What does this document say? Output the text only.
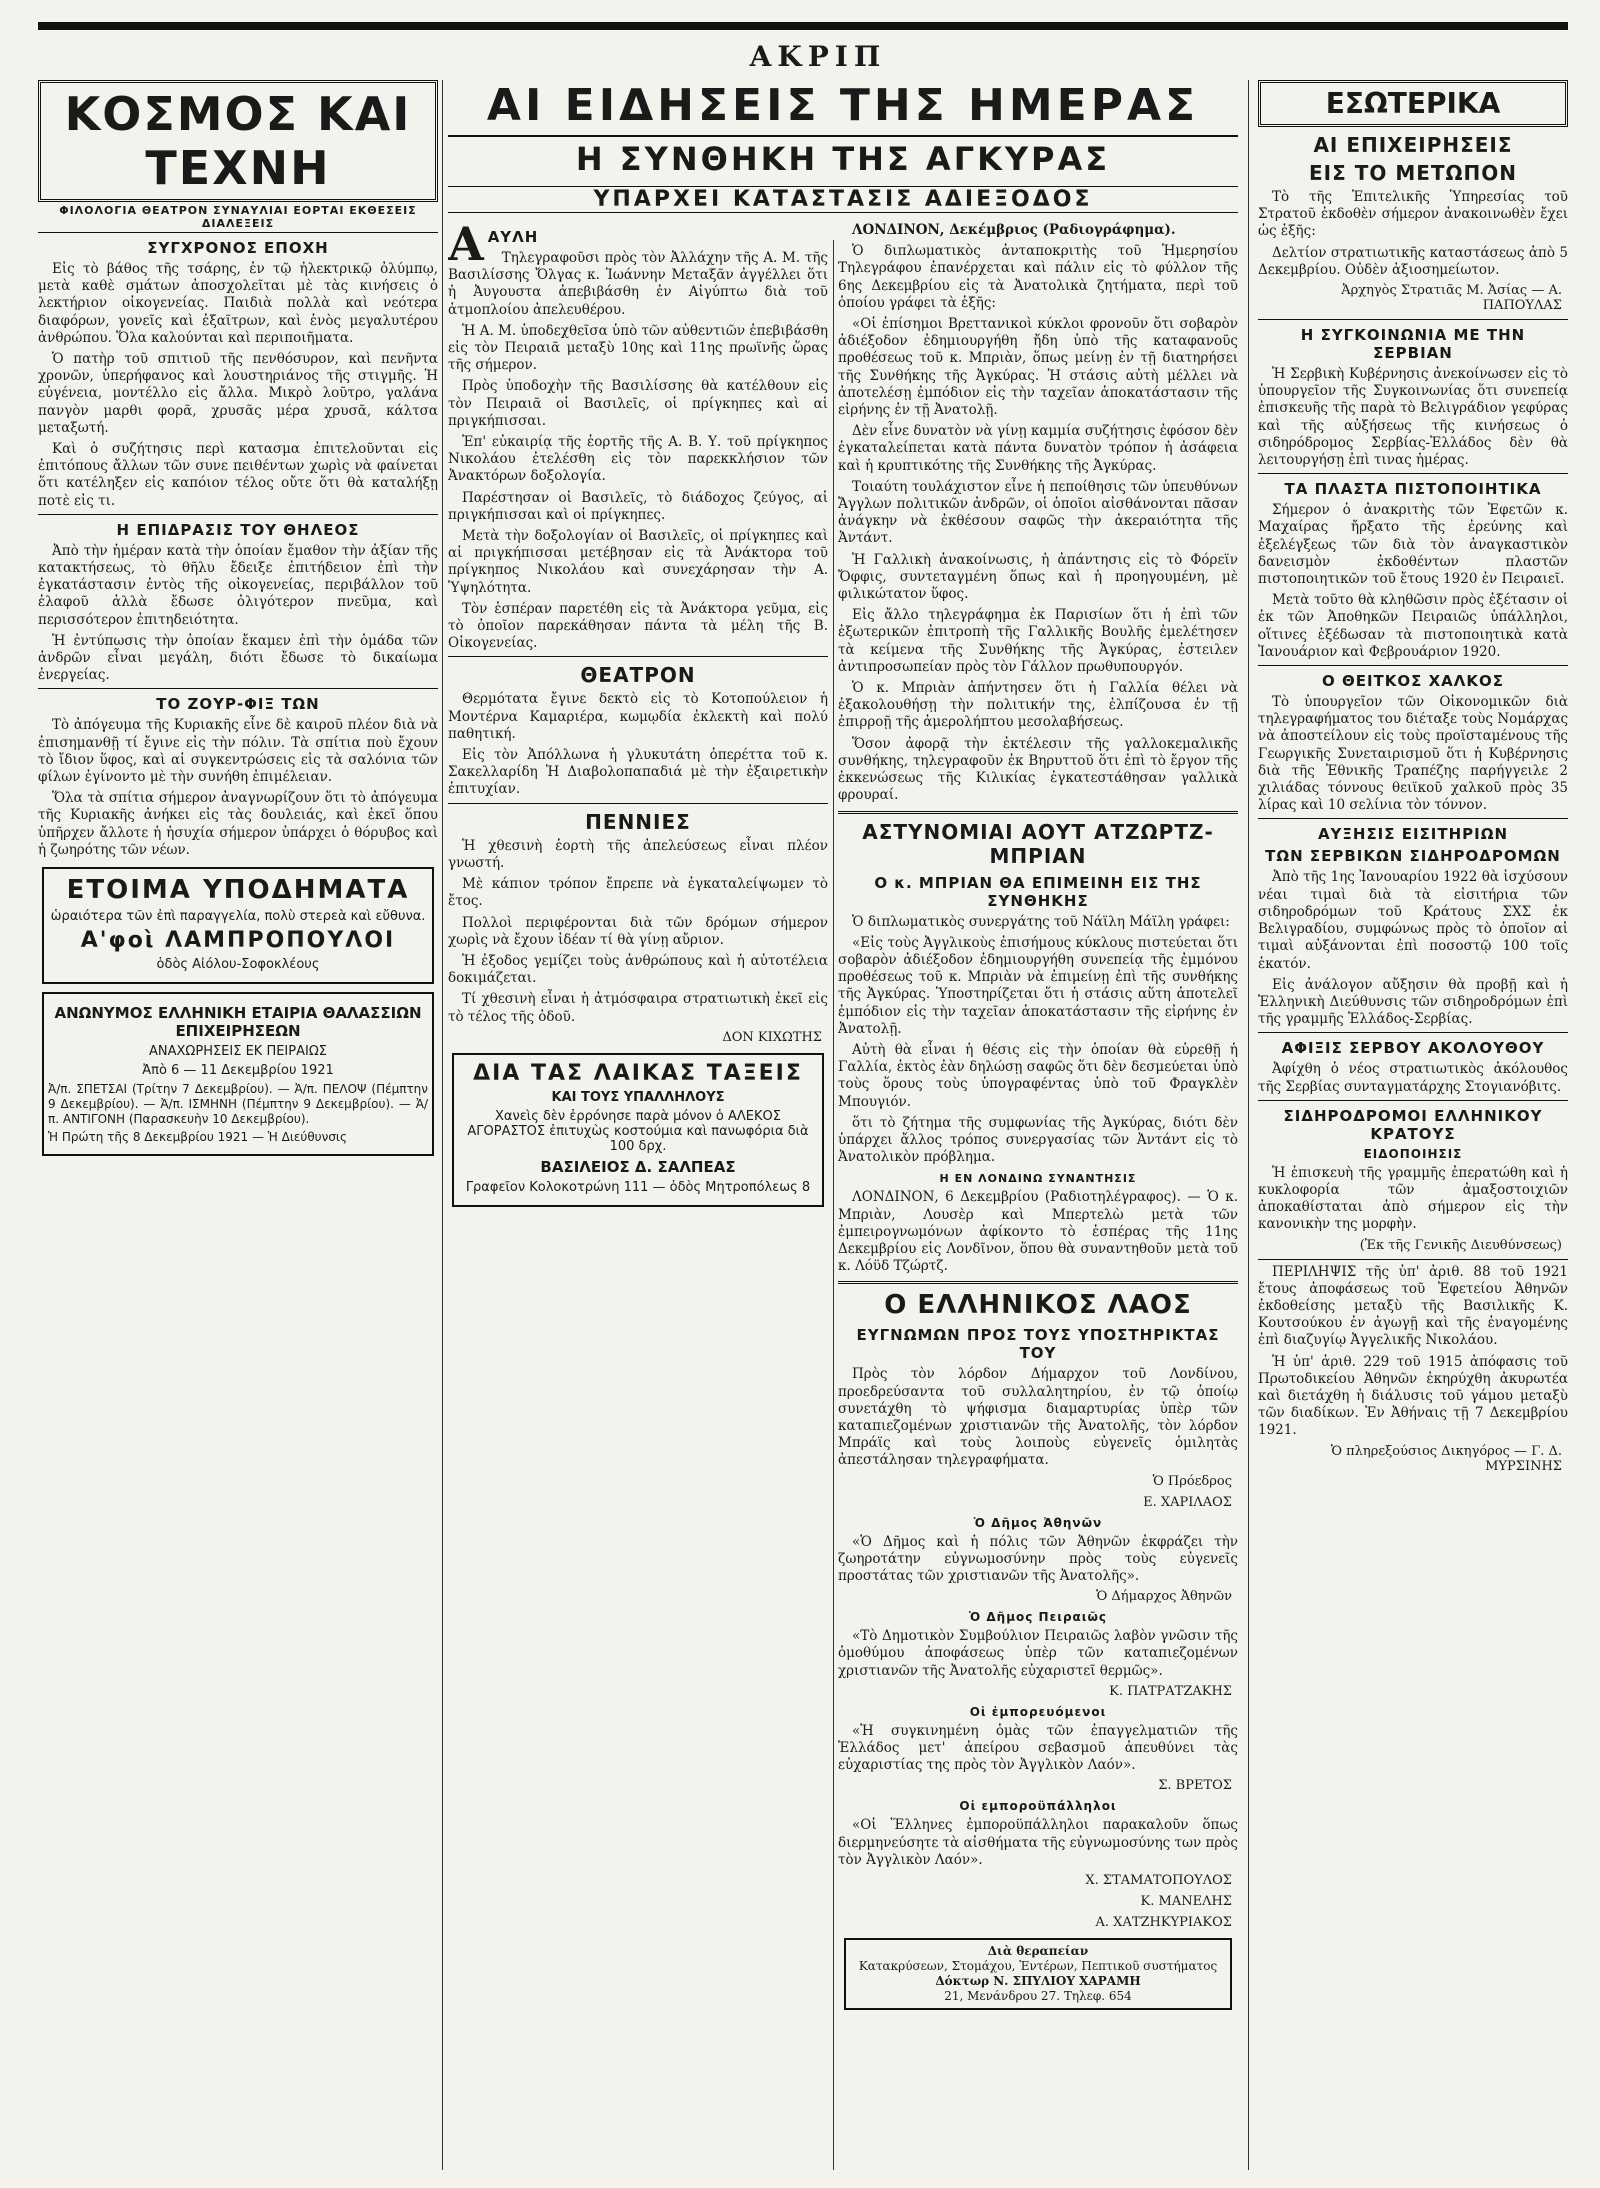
ΑΚΡΙΠ
ΚΟΣΜΟΣ ΚΑΙ ΤΕΧΝΗ
ΦΙΛΟΛΟΓΙΑ ΘΕΑΤΡΟΝ ΣΥΝΑΥΛΙΑΙ ΕΟΡΤΑΙ ΕΚΘΕΣΕΙΣ ΔΙΑΛΕΞΕΙΣ
ΣΥΓΧΡΟΝΟΣ ΕΠΟΧΗ

Εἰς τὸ βάθος τῆς τσάρης, ἐν τῷ ἠλεκτρικῷ ὀλύμπῳ, μετὰ καθὲ σμάτων ἀποσχολεῖται μὲ τὰς κινήσεις ὁ λεκτήριον οἰκογενείας. Παιδιὰ πολλὰ καὶ νεότερα διαφόρων, γονεῖς καὶ ἐξαῖτρων, καὶ ἑνὸς μεγαλυτέρου ἀνθρώπου. Ὅλα καλούνται καὶ περιποιῆματα.

Ὁ πατὴρ τοῦ σπιτιοῦ τῆς πενθόσυρον, καὶ πενῆντα χρονῶν, ὑπερήφανος καὶ λουστηριάνος τῆς στιγμῆς. Ἡ εὐγένεια, μοντέλλο εἰς ἄλλα. Μικρὸ λοῦτρο, γαλάνα πανγὸν μαρθι φορᾶ, χρυσᾶς μέρα χρυσᾶ, κάλτσα μεταξωτή.

Καὶ ὁ συζήτησις περὶ κατασμα ἐπιτελοῦνται εἰς ἐπιτόπους ἄλλων τῶν συνε πειθέντων χωρὶς νὰ φαίνεται ὅτι κατέληξεν εἰς καπόιον τέλος οὔτε ὅτι θὰ καταλήξῃ ποτὲ εἰς τι.

Η ΕΠΙΔΡΑΣΙΣ ΤΟΥ ΘΗΛΕΟΣ

Ἀπὸ τὴν ἡμέραν κατὰ τὴν ὁποίαν ἔμαθον τὴν ἀξίαν τῆς κατακτήσεως, τὸ θῆλυ ἔδειξε ἐπιτήδειον ἐπὶ τὴν ἐγκατάστασιν ἐντὸς τῆς οἰκογενείας, περιβάλλον τοῦ ἐλαφοῦ ἀλλὰ ἔδωσε ὀλιγότερον πνεῦμα, καὶ περισσότερον ἐπιτηδειότητα.

Ἡ ἐντύπωσις τὴν ὁποίαν ἔκαμεν ἐπὶ τὴν ὁμάδα τῶν ἀνδρῶν εἶναι μεγάλη, διότι ἔδωσε τὸ δικαίωμα ἐνεργείας.

ΤΟ ΖΟΥΡ-ΦΙΞ ΤΩΝ

Τὸ ἀπόγευμα τῆς Κυριακῆς εἶνε δὲ καιροῦ πλέον διὰ νὰ ἐπισημανθῇ τί ἔγινε εἰς τὴν πόλιν. Τὰ σπίτια ποὺ ἔχουν τὸ ἴδιον ὕφος, καὶ αἱ συγκεντρώσεις εἰς τὰ σαλόνια τῶν φίλων ἐγίνοντο μὲ τὴν συνήθη ἐπιμέλειαν.

Ὅλα τὰ σπίτια σήμερον ἀναγνωρίζουν ὅτι τὸ ἀπόγευμα τῆς Κυριακῆς ἀνήκει εἰς τὰς δουλειάς, καὶ ἐκεῖ ὅπου ὑπῆρχεν ἄλλοτε ἡ ἡσυχία σήμερον ὑπάρχει ὁ θόρυβος καὶ ἡ ζωηρότης τῶν νέων.

ΕΤΟΙΜΑ ΥΠΟΔΗΜΑΤΑ
ὡραιότερα τῶν ἐπὶ παραγγελία, πολὺ στερεὰ καὶ εὔθυνα.
Α'φοὶ ΛΑΜΠΡΟΠΟΥΛΟΙ
ὁδὸς Αἰόλου-Σοφοκλέους
ΑΝΩΝΥΜΟΣ ΕΛΛΗΝΙΚΗ ΕΤΑΙΡΙΑ ΘΑΛΑΣΣΙΩΝ ΕΠΙΧΕΙΡΗΣΕΩΝ
ΑΝΑΧΩΡΗΣΕΙΣ ΕΚ ΠΕΙΡΑΙΩΣ
Ἀπὸ 6 — 11 Δεκεμβρίου 1921
Ἀ/π. ΣΠΕΤΣΑΙ (Τρίτην 7 Δεκεμβρίου). — Ἀ/π. ΠΕΛΟΨ (Πέμπτην 9 Δεκεμβρίου). — Ἀ/π. ΙΣΜΗΝΗ (Πέμπτην 9 Δεκεμβρίου). — Ἀ/π. ΑΝΤΙΓΟΝΗ (Παρασκευὴν 10 Δεκεμβρίου).
Ἡ Πρώτη τῆς 8 Δεκεμβρίου 1921 — Ἡ Διεύθυνσις
ΑΙ ΕΙΔΗΣΕΙΣ ΤΗΣ ΗΜΕΡΑΣ
Η ΣΥΝΘΗΚΗ ΤΗΣ ΑΓΚΥΡΑΣ
ΥΠΑΡΧΕΙ ΚΑΤΑΣΤΑΣΙΣ ΑΔΙΕΞΟΔΟΣ
Α ΑΥΛΗ

Τηλεγραφοῦσι πρὸς τὸν Ἀλλάχην τῆς Α. Μ. τῆς Βασιλίσσης Ὄλγας κ. Ἰωάννην Μεταξᾶν ἀγγέλλει ὅτι ἡ Ἀυγουστα ἀπεβιβάσθη ἐν Αἰγύπτω διὰ τοῦ ἀτμοπλοίου ἀπελευθέρου.

Ἡ Α. Μ. ὑποδεχθεῖσα ὑπὸ τῶν αὐθεντιῶν ἐπεβιβάσθη εἰς τὸν Πειραιᾶ μεταξὺ 10ης καὶ 11ης πρωϊνῆς ὥρας τῆς σήμερον.

Πρὸς ὑποδοχὴν τῆς Βασιλίσσης θὰ κατέλθουν εἰς τὸν Πειραιᾶ οἱ Βασιλεῖς, οἱ πρίγκηπες καὶ αἱ πριγκήπισσαι.

Ἐπ' εὐκαιρίᾳ τῆς ἑορτῆς τῆς Α. Β. Υ. τοῦ πρίγκηπος Νικολάου ἐτελέσθη εἰς τὸν παρεκκλήσιον τῶν Ἀνακτόρων δοξολογία.

Παρέστησαν οἱ Βασιλεῖς, τὸ διάδοχος ζεύγος, αἱ πριγκήπισσαι καὶ οἱ πρίγκηπες.

Μετὰ τὴν δοξολογίαν οἱ Βασιλεῖς, οἱ πρίγκηπες καὶ αἱ πριγκήπισσαι μετέβησαν εἰς τὰ Ἀνάκτορα τοῦ πρίγκηπος Νικολάου καὶ συνεχάρησαν τὴν Α. Ὑψηλότητα.

Τὸν ἑσπέραν παρετέθη εἰς τὰ Ἀνάκτορα γεῦμα, εἰς τὸ ὁποῖον παρεκάθησαν πάντα τὰ μέλη τῆς Β. Οἰκογενείας.

ΘΕΑΤΡΟΝ

Θερμότατα ἔγινε δεκτὸ εἰς τὸ Κοτοπούλειον ἡ Μοντέρνα Καμαριέρα, κωμῳδία ἐκλεκτὴ καὶ πολύ παθητική.

Εἰς τὸν Ἀπόλλωνα ἡ γλυκυτάτη ὀπερέττα τοῦ κ. Σακελλαρίδη Ἡ Διαβολοπαπαδιά μὲ τὴν ἐξαιρετικὴν ἐπιτυχίαν.

ΠΕΝΝΙΕΣ

Ἡ χθεσινὴ ἑορτὴ τῆς ἀπελεύσεως εἶναι πλέον γνωστή.

Μὲ κάπιον τρόπον ἔπρεπε νὰ ἐγκαταλείψωμεν τὸ ἔτος.

Πολλοὶ περιφέρονται διὰ τῶν δρόμων σήμερον χωρὶς νὰ ἔχουν ἰδέαν τί θὰ γίνῃ αὔριον.

Ἡ ἐξοδος γεμίζει τοὺς ἀνθρώπους καὶ ἡ αὐτοτέλεια δοκιμάζεται.

Τί χθεσινὴ εἶναι ἡ ἀτμόσφαιρα στρατιωτικὴ ἐκεῖ εἰς τὸ τέλος τῆς ὁδοῦ.

ΔΟΝ ΚΙΧΩΤΗΣ
ΔΙΑ ΤΑΣ ΛΑΙΚΑΣ ΤΑΞΕΙΣ
ΚΑΙ ΤΟΥΣ ΥΠΑΛΛΗΛΟΥΣ
Χανεὶς δὲν ἐρρόνησε παρὰ μόνον ὁ ΑΛΕΚΟΣ ΑΓΟΡΑΣΤΟΣ ἐπιτυχὼς κοστούμια καὶ πανωφόρια διὰ 100 δρχ.
ΒΑΣΙΛΕΙΟΣ Δ. ΣΑΛΠΕΑΣ
Γραφεῖον Κολοκοτρώνη 111 — ὁδὸς Μητροπόλεως 8

ΛΟΝΔΙΝΟΝ, Δεκέμβριος (Ραδιογράφημα).

Ὁ διπλωματικὸς ἀνταποκριτὴς τοῦ Ἡμερησίου Τηλεγράφου ἐπανέρχεται καὶ πάλιν εἰς τὸ φύλλον τῆς 6ης Δεκεμβρίου εἰς τὰ Ἀνατολικὰ ζητήματα, περὶ τοῦ ὁποίου γράφει τὰ ἑξῆς:

«Οἱ ἐπίσημοι Βρεττανικοὶ κύκλοι φρονοῦν ὅτι σοβαρὸν ἀδιέξοδον ἐδημιουργήθη ἤδη ὑπὸ τῆς καταφανοῦς προθέσεως τοῦ κ. Μπριὰν, ὅπως μείνῃ ἐν τῇ διατηρήσει τῆς Συνθήκης τῆς Ἀγκύρας. Ἡ στάσις αὐτὴ μέλλει νὰ ἀποτελέσῃ ἐμπόδιον εἰς τὴν ταχεῖαν ἀποκατάστασιν τῆς εἰρήνης ἐν τῇ Ἀνατολῇ.

Δὲν εἶνε δυνατὸν νὰ γίνῃ καμμία συζήτησις ἐφόσον δὲν ἐγκαταλείπεται κατὰ πάντα δυνατὸν τρόπον ἡ ἀσάφεια καὶ ἡ κρυπτικότης τῆς Συνθήκης τῆς Ἀγκύρας.

Τοιαύτη τουλάχιστον εἶνε ἡ πεποίθησις τῶν ὑπευθύνων Ἄγγλων πολιτικῶν ἀνδρῶν, οἱ ὁποῖοι αἰσθάνονται πᾶσαν ἀνάγκην νὰ ἐκθέσουν σαφῶς τὴν ἀκεραιότητα τῆς Ἀντάντ.

Ἡ Γαλλικὴ ἀνακοίνωσις, ἡ ἀπάντησις εἰς τὸ Φόρεϊν Ὄφφις, συντεταγμένη ὅπως καὶ ἡ προηγουμένη, μὲ φιλικώτατον ὕφος.

Εἰς ἄλλο τηλεγράφημα ἐκ Παρισίων ὅτι ἡ ἐπὶ τῶν ἐξωτερικῶν ἐπιτροπὴ τῆς Γαλλικῆς Βουλῆς ἐμελέτησεν τὰ κείμενα τῆς Συνθήκης τῆς Ἀγκύρας, ἐστειλεν ἀντιπροσωπείαν πρὸς τὸν Γάλλον πρωθυπουργόν.

Ὁ κ. Μπριὰν ἀπήντησεν ὅτι ἡ Γαλλία θέλει νὰ ἐξακολουθήσῃ τὴν πολιτικήν της, ἐλπίζουσα ἐν τῇ ἐπιρροῇ τῆς ἀμερολήπτου μεσολαβήσεως.

Ὅσον ἀφορᾷ τὴν ἐκτέλεσιν τῆς γαλλοκεμαλικῆς συνθήκης, τηλεγραφοῦν ἐκ Βηρυττοῦ ὅτι ἐπὶ τὸ ἔργον τῆς ἐκκενώσεως τῆς Κιλικίας ἐγκατεστάθησαν γαλλικὰ φρουραί.

ΑΣΤΥΝΟΜΙΑΙ ΑΟΥΤ ΑΤΖΩΡΤΖ-ΜΠΡΙΑΝ
Ο κ. ΜΠΡΙΑΝ ΘΑ ΕΠΙΜΕΙΝΗ ΕΙΣ ΤΗΣ ΣΥΝΘΗΚΗΣ

Ὁ διπλωματικὸς συνεργάτης τοῦ Νάϊλη Μάϊλη γράφει:

«Εἰς τοὺς Ἀγγλικοὺς ἐπισήμους κύκλους πιστεύεται ὅτι σοβαρὸν ἀδιέξοδον ἐδημιουργήθη συνεπείᾳ τῆς ἐμμόνου προθέσεως τοῦ κ. Μπριὰν νὰ ἐπιμείνῃ ἐπὶ τῆς συνθήκης τῆς Ἀγκύρας. Ὑποστηρίζεται ὅτι ἡ στάσις αὕτη ἀποτελεῖ ἐμπόδιον εἰς τὴν ταχεῖαν ἀποκατάστασιν τῆς εἰρήνης ἐν Ἀνατολῇ.

Αὐτὴ θὰ εἶναι ἡ θέσις εἰς τὴν ὁποίαν θὰ εὑρεθῇ ἡ Γαλλία, ἐκτὸς ἐὰν δηλώσῃ σαφῶς ὅτι δὲν δεσμεύεται ὑπὸ τοὺς ὅρους τοὺς ὑπογραφέντας ὑπὸ τοῦ Φραγκλὲν Μπουγιόν.

ὅτι τὸ ζήτημα τῆς συμφωνίας τῆς Ἀγκύρας, διότι δὲν ὑπάρχει ἄλλος τρόπος συνεργασίας τῶν Ἀντάντ εἰς τὸ Ἀνατολικὸν πρόβλημα.

Η ΕΝ ΛΟΝΔΙΝΩ ΣΥΝΑΝΤΗΣΙΣ

ΛΟΝΔΙΝΟΝ, 6 Δεκεμβρίου (Ραδιοτηλέγραφος). — Ὁ κ. Μπριὰν, Λουσὲρ καὶ Μπερτελὼ μετὰ τῶν ἐμπειρογνωμόνων ἀφίκοντο τὸ ἑσπέρας τῆς 11ης Δεκεμβρίου εἰς Λονδῖνον, ὅπου θὰ συναντηθοῦν μετὰ τοῦ κ. Λόϋδ Τζώρτζ.

Ο ΕΛΛΗΝΙΚΟΣ ΛΑΟΣ
ΕΥΓΝΩΜΩΝ ΠΡΟΣ ΤΟΥΣ ΥΠΟΣΤΗΡΙΚΤΑΣ ΤΟΥ

Πρὸς τὸν λόρδον Δήμαρχον τοῦ Λονδίνου, προεδρεύσαντα τοῦ συλλαλητηρίου, ἐν τῷ ὁποίῳ συνετάχθη τὸ ψήφισμα διαμαρτυρίας ὑπὲρ τῶν καταπιεζομένων χριστιανῶν τῆς Ἀνατολῆς, τὸν λόρδον Μπράϊς καὶ τοὺς λοιποὺς εὐγενεῖς ὁμιλητὰς ἀπεστάλησαν τηλεγραφήματα.

Ὁ Πρόεδρος
Ε. ΧΑΡΙΛΑΟΣ
Ὁ Δῆμος Ἀθηνῶν

«Ὁ Δῆμος καὶ ἡ πόλις τῶν Ἀθηνῶν ἐκφράζει τὴν ζωηροτάτην εὐγνωμοσύνην πρὸς τοὺς εὐγενεῖς προστάτας τῶν χριστιανῶν τῆς Ἀνατολῆς».

Ὁ Δήμαρχος Ἀθηνῶν
Ὁ Δῆμος Πειραιῶς

«Τὸ Δημοτικὸν Συμβούλιον Πειραιῶς λαβὸν γνῶσιν τῆς ὁμοθύμου ἀποφάσεως ὑπὲρ τῶν καταπιεζομένων χριστιανῶν τῆς Ἀνατολῆς εὐχαριστεῖ θερμῶς».

Κ. ΠΑΤΡΑΤΖΑΚΗΣ
Οἱ ἐμπορευόμενοι

«Ἡ συγκινημένη ὁμὰς τῶν ἐπαγγελματιῶν τῆς Ἑλλάδος μετ' ἀπείρου σεβασμοῦ ἀπευθύνει τὰς εὐχαριστίας της πρὸς τὸν Ἀγγλικὸν Λαόν».

Σ. ΒΡΕΤΟΣ
Οἱ εμποροϋπάλληλοι

«Οἱ Ἕλληνες ἐμποροϋπάλληλοι παρακαλοῦν ὅπως διερμηνεύσητε τὰ αἰσθήματα τῆς εὐγνωμοσύνης των πρὸς τὸν Ἀγγλικὸν Λαόν».

Χ. ΣΤΑΜΑΤΟΠΟΥΛΟΣ
Κ. ΜΑΝΕΛΗΣ
Α. ΧΑΤΖΗΚΥΡΙΑΚΟΣ
Διὰ θεραπείαν
Κατακρύσεων, Στομάχου, Ἐντέρων, Πεπτικοῦ συστήματος
Δόκτωρ Ν. ΣΠΥΛΙΟΥ ΧΑΡΑΜΗ
21, Μενάνδρου 27. Τηλεφ. 654
ΕΣΩΤΕΡΙΚΑ
ΑΙ ΕΠΙΧΕΙΡΗΣΕΙΣ
ΕΙΣ ΤΟ ΜΕΤΩΠΟΝ

Τὸ τῆς Ἐπιτελικῆς Ὑπηρεσίας τοῦ Στρατοῦ ἐκδοθὲν σήμερον ἀνακοινωθὲν ἔχει ὡς ἑξῆς:

Δελτίον στρατιωτικῆς καταστάσεως ἀπὸ 5 Δεκεμβρίου. Οὐδὲν ἀξιοσημείωτον.

Ἀρχηγὸς Στρατιᾶς Μ. Ἀσίας — Α. ΠΑΠΟΥΛΑΣ
Η ΣΥΓΚΟΙΝΩΝΙΑ ΜΕ ΤΗΝ ΣΕΡΒΙΑΝ

Ἡ Σερβικὴ Κυβέρνησις ἀνεκοίνωσεν εἰς τὸ ὑπουργεῖον τῆς Συγκοινωνίας ὅτι συνεπείᾳ ἐπισκευῆς τῆς παρὰ τὸ Βελιγράδιον γεφύρας καὶ τῆς αὐξήσεως τῆς κινήσεως ὁ σιδηρόδρομος Σερβίας-Ἑλλάδος δὲν θὰ λειτουργήσῃ ἐπὶ τινας ἡμέρας.

ΤΑ ΠΛΑΣΤΑ ΠΙΣΤΟΠΟΙΗΤΙΚΑ

Σήμερον ὁ ἀνακριτὴς τῶν Ἐφετῶν κ. Μαχαίρας ἤρξατο τῆς ἐρεύνης καὶ ἐξελέγξεως τῶν διὰ τὸν ἀναγκαστικὸν δανεισμὸν ἐκδοθέντων πλαστῶν πιστοποιητικῶν τοῦ ἔτους 1920 ἐν Πειραιεῖ.

Μετὰ τοῦτο θὰ κληθῶσιν πρὸς ἐξέτασιν οἱ ἐκ τῶν Ἀποθηκῶν Πειραιῶς ὑπάλληλοι, οἵτινες ἐξέδωσαν τὰ πιστοποιητικὰ κατὰ Ἰανουάριον καὶ Φεβρουάριον 1920.

Ο ΘΕΙΤΚΟΣ ΧΑΛΚΟΣ

Τὸ ὑπουργεῖον τῶν Οἰκονομικῶν διὰ τηλεγραφήματος του διέταξε τοὺς Νομάρχας νὰ ἀποστείλουν εἰς τοὺς προϊσταμένους τῆς Γεωργικῆς Συνεταιρισμοῦ ὅτι ἡ Κυβέρνησις διὰ τῆς Ἐθνικῆς Τραπέζης παρήγγειλε 2 χιλιάδας τόννους θειϊκοῦ χαλκοῦ πρὸς 35 λίρας καὶ 10 σελίνια τὸν τόννον.

ΑΥΞΗΣΙΣ ΕΙΣΙΤΗΡΙΩΝ
ΤΩΝ ΣΕΡΒΙΚΩΝ ΣΙΔΗΡΟΔΡΟΜΩΝ

Ἀπὸ τῆς 1ης Ἰανουαρίου 1922 θὰ ἰσχύσουν νέαι τιμαὶ διὰ τὰ εἰσιτήρια τῶν σιδηροδρόμων τοῦ Κράτους ΣΧΣ ἐκ Βελιγραδίου, συμφώνως πρὸς τὸ ὁποῖον αἱ τιμαὶ αὐξάνονται ἐπὶ ποσοστῷ 100 τοῖς ἑκατόν.

Εἰς ἀνάλογον αὔξησιν θὰ προβῇ καὶ ἡ Ἑλληνικὴ Διεύθυνσις τῶν σιδηροδρόμων ἐπὶ τῆς γραμμῆς Ἑλλάδος-Σερβίας.

ΑΦΙΞΙΣ ΣΕΡΒΟΥ ΑΚΟΛΟΥΘΟΥ

Ἀφίχθη ὁ νέος στρατιωτικὸς ἀκόλουθος τῆς Σερβίας συνταγματάρχης Στογιανόβιτς.

ΣΙΔΗΡΟΔΡΟΜΟΙ ΕΛΛΗΝΙΚΟΥ ΚΡΑΤΟΥΣ
ΕΙΔΟΠΟΙΗΣΙΣ

Ἡ ἐπισκευὴ τῆς γραμμῆς ἐπερατώθη καὶ ἡ κυκλοφορία τῶν ἀμαξοστοιχιῶν ἀποκαθίσταται ἀπὸ σήμερον εἰς τὴν κανονικὴν της μορφὴν.

(Ἐκ τῆς Γενικῆς Διευθύνσεως)

ΠΕΡΙΛΗΨΙΣ τῆς ὑπ' ἀριθ. 88 τοῦ 1921 ἔτους ἀποφάσεως τοῦ Ἐφετείου Ἀθηνῶν ἐκδοθείσης μεταξὺ τῆς Βασιλικῆς Κ. Κουτσούκου ἐν ἀγωγῇ καὶ τῆς ἐναγομένης ἐπὶ διαζυγίῳ Ἀγγελικῆς Νικολάου.

Ἡ ὑπ' ἀριθ. 229 τοῦ 1915 ἀπόφασις τοῦ Πρωτοδικείου Ἀθηνῶν ἐκηρύχθη ἀκυρωτέα καὶ διετάχθη ἡ διάλυσις τοῦ γάμου μεταξὺ τῶν διαδίκων. Ἐν Ἀθήναις τῇ 7 Δεκεμβρίου 1921.

Ὁ πληρεξούσιος Δικηγόρος — Γ. Δ. ΜΥΡΣΙΝΗΣ
